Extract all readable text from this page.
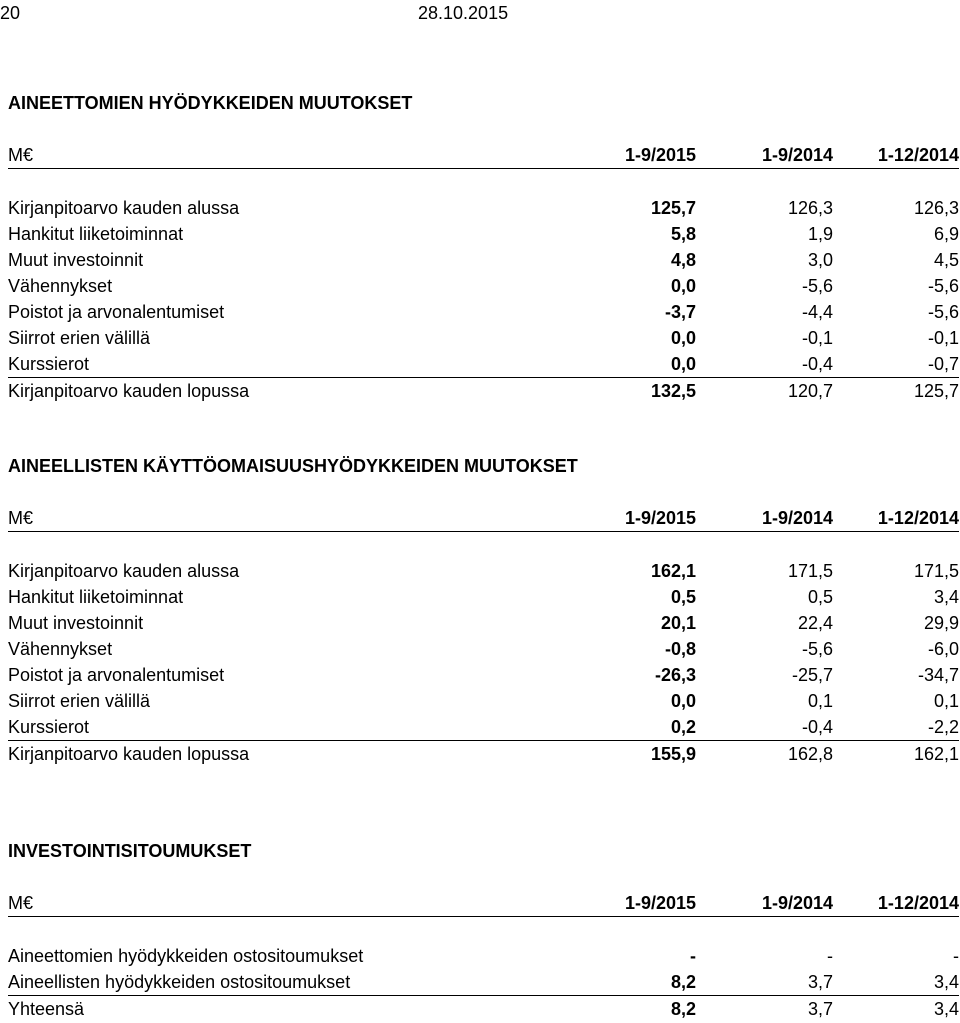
20	28.10.2015
AINEETTOMIEN HYÖDYKKEIDEN MUUTOKSET
M€	1-9/2015	1-9/2014	1-12/2014

Kirjanpitoarvo kauden alussa	125,7	126,3	126,3
Hankitut liiketoiminnat	5,8	1,9	6,9
Muut investoinnit	4,8	3,0	4,5
Vähennykset	0,0	-5,6	-5,6
Poistot ja arvonalentumiset	-3,7	-4,4	-5,6
Siirrot erien välillä	0,0	-0,1	-0,1
Kurssierot	0,0	-0,4	-0,7
Kirjanpitoarvo kauden lopussa	132,5	120,7	125,7
AINEELLISTEN KÄYTTÖOMAISUUSHYÖDYKKEIDEN MUUTOKSET
M€	1-9/2015	1-9/2014	1-12/2014

Kirjanpitoarvo kauden alussa	162,1	171,5	171,5
Hankitut liiketoiminnat	0,5	0,5	3,4
Muut investoinnit	20,1	22,4	29,9
Vähennykset	-0,8	-5,6	-6,0
Poistot ja arvonalentumiset	-26,3	-25,7	-34,7
Siirrot erien välillä	0,0	0,1	0,1
Kurssierot	0,2	-0,4	-2,2
Kirjanpitoarvo kauden lopussa	155,9	162,8	162,1
INVESTOINTISITOUMUKSET
M€	1-9/2015	1-9/2014	1-12/2014

Aineettomien hyödykkeiden ostositoumukset	-	-	-
Aineellisten hyödykkeiden ostositoumukset	8,2	3,7	3,4
Yhteensä	8,2	3,7	3,4
